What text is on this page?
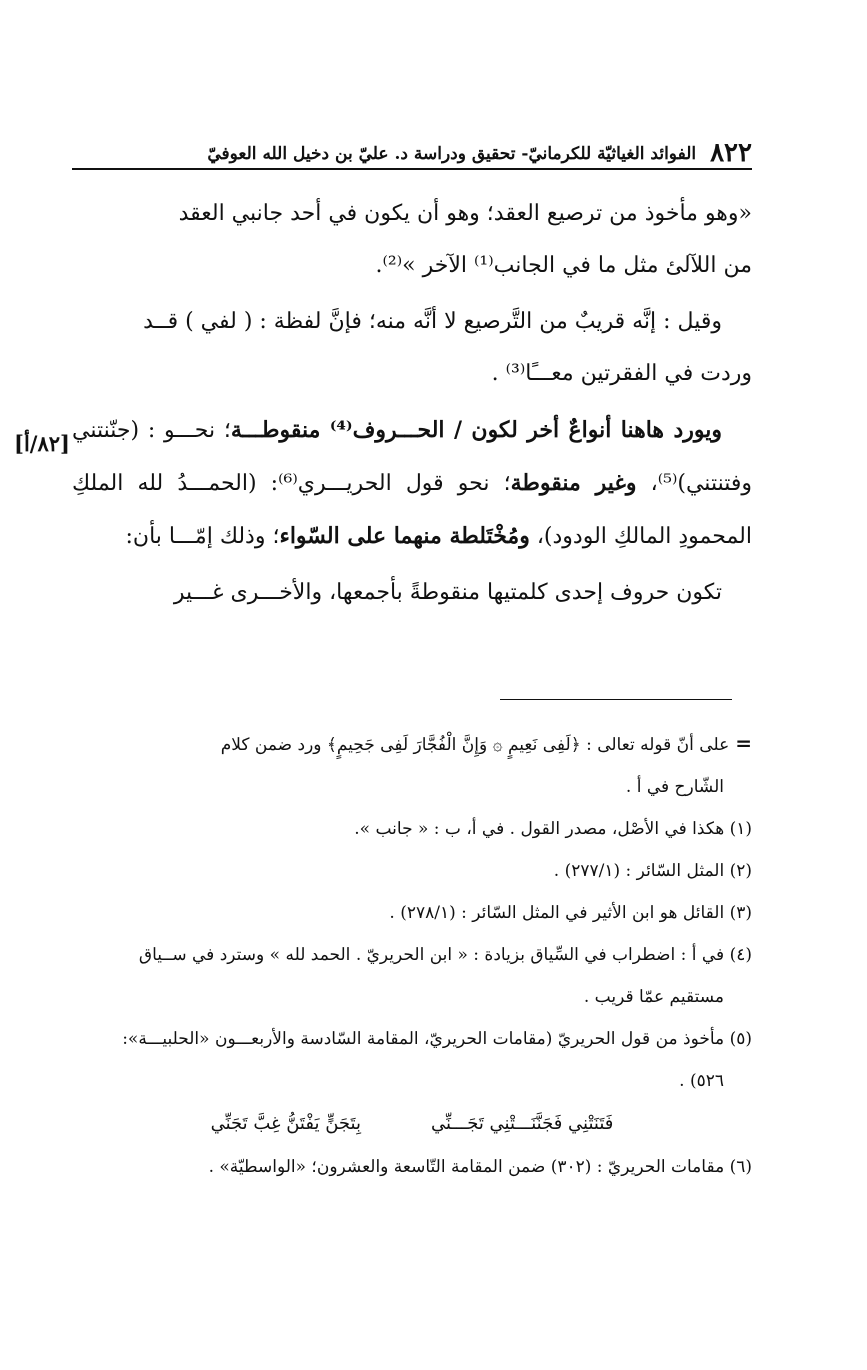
٨٢٢
الفوائد الغياثيّة للكرمانيّ- تحقيق ودراسة د. عليّ بن دخيل الله العوفيّ

«وهو مأخوذ من ترصيع العقد؛ وهو أن يكون في أحد جانبي العقد

من اللآلئ مثل ما في الجانب⁽¹⁾ الآخر »⁽²⁾.

وقيل : إنَّه قريبٌ من التَّرصيع لا أنَّه منه؛ فإنَّ لفظة : ( لفي ) قــد

وردت في الفقرتين معـــًا⁽³⁾ .

ويورد هاهنا أنواعٌ أخر لكون / الحـــروف⁽⁴⁾ منقوطـــة؛ نحـــو : (جنّنتني وفتنتني)⁽⁵⁾، وغير منقوطة؛ نحو قول الحريـــري⁽⁶⁾: (الحمـــدُ لله الملكِ المحمودِ المالكِ الودود)، ومُخْتَلطة منهما على السّواء؛ وذلك إمّـــا بأن:

تكون حروف إحدى كلمتيها منقوطةً بأجمعها، والأخـــرى غـــير

[٨٢/أ]

=على أنّ قوله تعالى : ﴿لَفِى نَعِيمٍ ۞ وَإِنَّ الْفُجَّارَ لَفِى جَحِيمٍ﴾ ورد ضمن كلام

الشّارح في أ .

(١) هكذا في الأصْل، مصدر القول . في أ، ب : « جانب ».

(٢) المثل السّائر : (٢٧٧/١) .

(٣) القائل هو ابن الأثير في المثل السّائر : (٢٧٨/١) .

(٤) في أ : اضطراب في السِّياق بزيادة : « ابن الحريريّ . الحمد لله » وسترد في ســياق

مستقيم عمّا قريب .

(٥) مأخوذ من قول الحريريّ (مقامات الحريريّ، المقامة السّادسة والأربعـــون «الحلبيـــة»:

٥٢٦) .

فَتَنَتْنِي فَجَنَّنَـــتْنِي تَجَـــنِّي
بِتَجَنٍّ يَفْتَنُّ غِبَّ تَجَنِّي

(٦) مقامات الحريريّ : (٣٠٢) ضمن المقامة التّاسعة والعشرون؛ «الواسطيّة» .
